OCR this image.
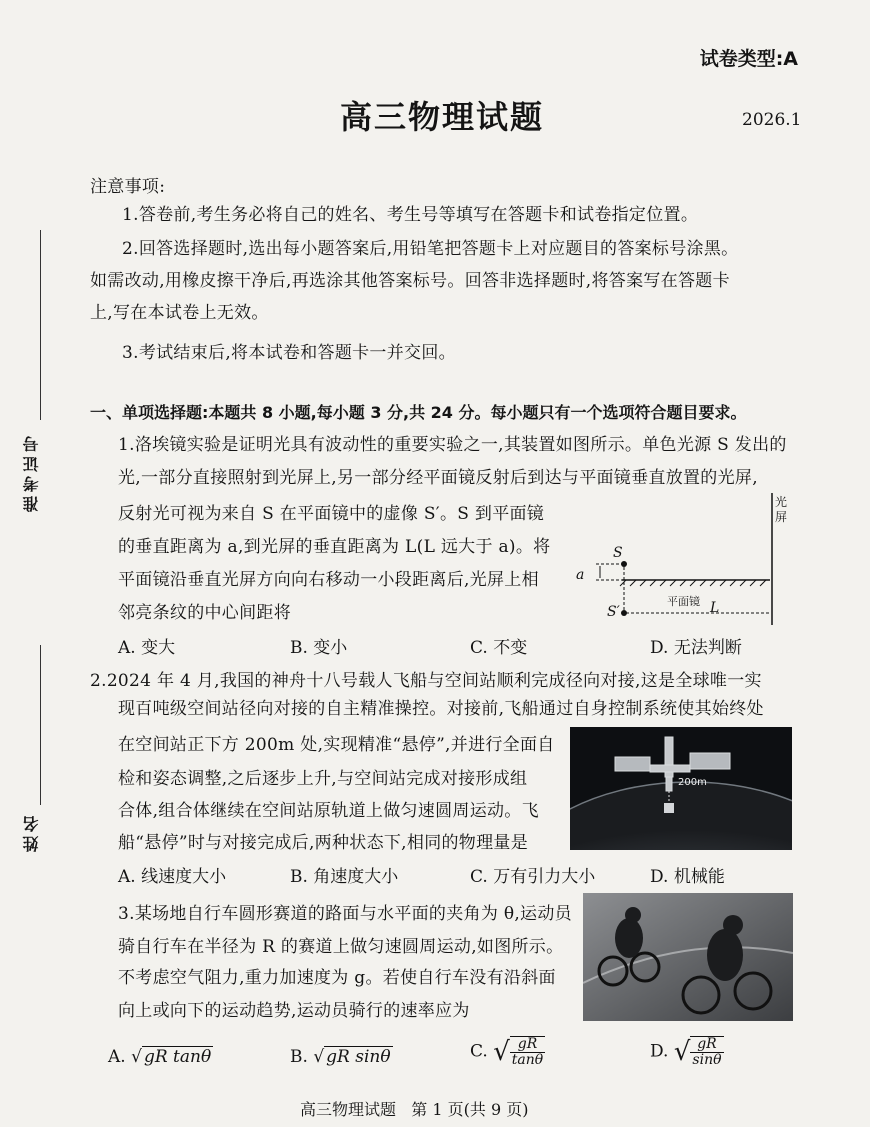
试卷类型:A
高三物理试题	2026.1
准考证号
姓名
注意事项:
1.答卷前,考生务必将自己的姓名、考生号等填写在答题卡和试卷指定位置。
2.回答选择题时,选出每小题答案后,用铅笔把答题卡上对应题目的答案标号涂黑。
如需改动,用橡皮擦干净后,再选涂其他答案标号。回答非选择题时,将答案写在答题卡
上,写在本试卷上无效。
3.考试结束后,将本试卷和答题卡一并交回。
一、单项选择题:本题共 8 小题,每小题 3 分,共 24 分。每小题只有一个选项符合题目要求。
1.洛埃镜实验是证明光具有波动性的重要实验之一,其装置如图所示。单色光源 S 发出的
光,一部分直接照射到光屏上,另一部分经平面镜反射后到达与平面镜垂直放置的光屏,
反射光可视为来自 S 在平面镜中的虚像 S′。S 到平面镜
的垂直距离为 a,到光屏的垂直距离为 L(L 远大于 a)。将
平面镜沿垂直光屏方向向右移动一小段距离后,光屏上相
邻亮条纹的中心间距将
光
屏
S
a
平面镜
S′	L
A. 变大	B. 变小	C. 不变	D. 无法判断
2.2024 年 4 月,我国的神舟十八号载人飞船与空间站顺利完成径向对接,这是全球唯一实
现百吨级空间站径向对接的自主精准操控。对接前,飞船通过自身控制系统使其始终处
在空间站正下方 200m 处,实现精准“悬停”,并进行全面自
检和姿态调整,之后逐步上升,与空间站完成对接形成组
合体,组合体继续在空间站原轨道上做匀速圆周运动。飞
船“悬停”时与对接完成后,两种状态下,相同的物理量是
200m
A. 线速度大小	B. 角速度大小	C. 万有引力大小	D. 机械能
3.某场地自行车圆形赛道的路面与水平面的夹角为 θ,运动员
骑自行车在半径为 R 的赛道上做匀速圆周运动,如图所示。
不考虑空气阻力,重力加速度为 g。若使自行车没有沿斜面
向上或向下的运动趋势,运动员骑行的速率应为
A. √ gR tanθ	B. √ gR sinθ	C. √ $\frac{gR}{\tan\theta}$	D. √ $\frac{gR}{\sin\theta}$
高三物理试题   第 1 页(共 9 页)
